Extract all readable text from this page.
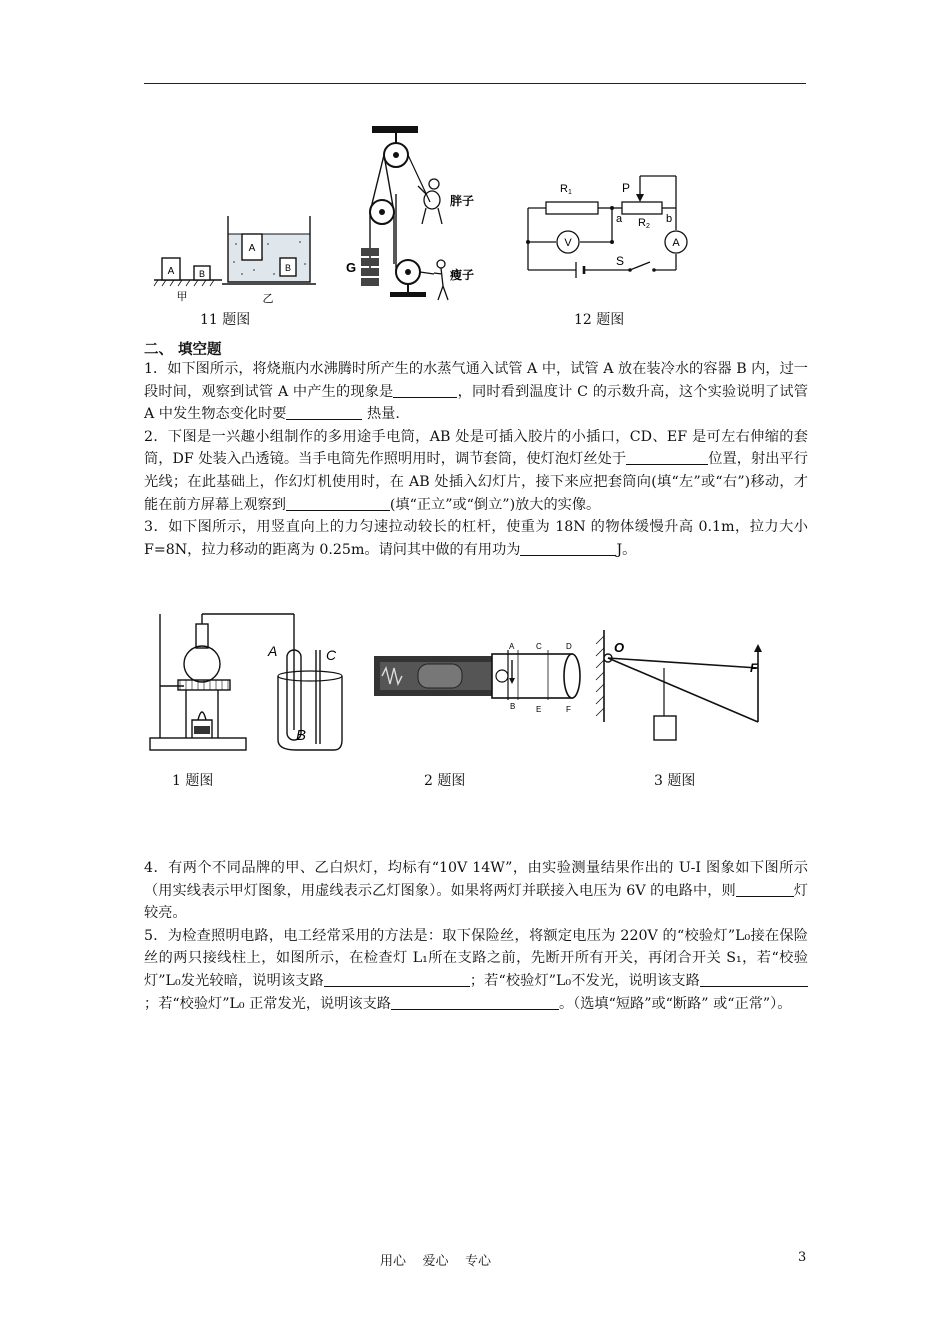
A	B
甲
A
B
乙
G
胖子
瘦子
11 题图
R 1	P
a R 2
b
V	A
S
12 题图
二、 填空题

1．如下图所示，将烧瓶内水沸腾时所产生的水蒸气通入试管 A 中，试管 A 放在装冷水的容器 B 内，过一段时间，观察到试管 A 中产生的现象是	，同时看到温度计 C 的示数升高，这个实验说明了试管 A 中发生物态变化时要	热量.

2．下图是一兴趣小组制作的多用途手电筒，AB 处是可插入胶片的小插口，CD、EF 是可左右伸缩的套筒，DF 处装入凸透镜。当手电筒先作照明用时，调节套筒，使灯泡灯丝处于	位置，射出平行光线；在此基础上，作幻灯机使用时，在 AB 处插入幻灯片，接下来应把套筒向(填“左”或“右”)移动，才能在前方屏幕上观察到	(填“正立”或“倒立”)放大的实像。

3．如下图所示，用竖直向上的力匀速拉动较长的杠杆，使重为 18N 的物体缓慢升高 0.1m，拉力大小 F=8N，拉力移动的距离为 0.25m。请问其中做的有用功为	J。

A	C
B
1 题图
A	C	D
B	E	F
2 题图
O
F
3 题图

4．有两个不同品牌的甲、乙白炽灯，均标有“10V 14W”，由实验测量结果作出的 U-I 图象如下图所示（用实线表示甲灯图象，用虚线表示乙灯图象）。如果将两灯并联接入电压为 6V 的电路中，则	灯较亮。

5．为检查照明电路，电工经常采用的方法是：取下保险丝，将额定电压为 220V 的“校验灯”L₀接在保险丝的两只接线柱上，如图所示，在检查灯 L₁所在支路之前，先断开所有开关，再闭合开关 S₁，若“校验灯”L₀发光较暗，说明该支路	；若“校验灯”L₀不发光，说明该支路；若“校验灯”L₀ 正常发光，说明该支路	。（选填“短路”或“断路” 或“正常”）。

用心    爱心    专心	3
